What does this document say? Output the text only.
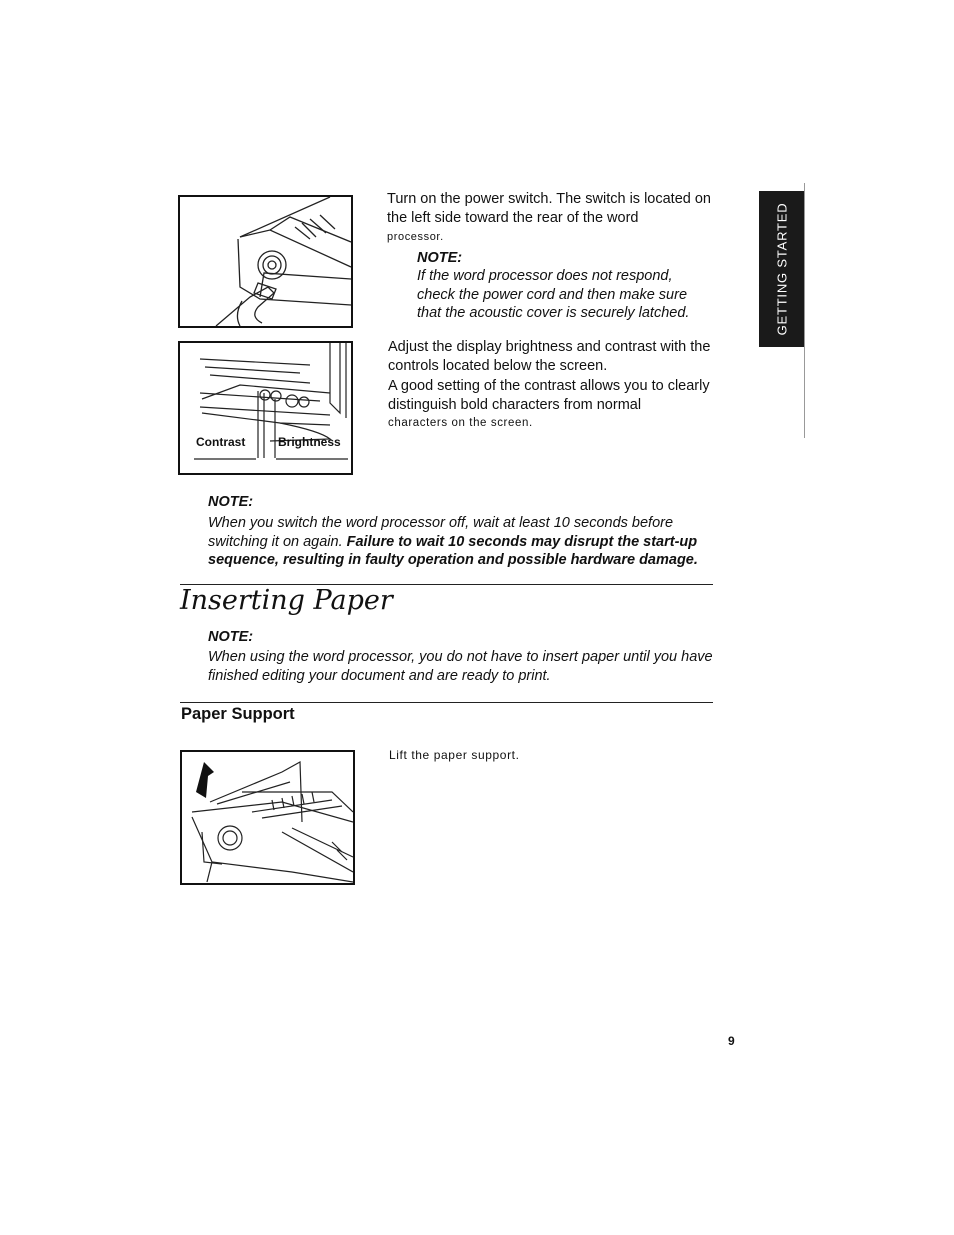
GETTING STARTED
Contrast	Brightness
Turn on the power switch. The switch is located on the left side toward the rear of the word
processor.
NOTE:
If the word processor does not respond, check the power cord and then make sure that the acoustic cover is securely latched.
Adjust the display brightness and contrast with the controls located below the screen.
A good setting of the contrast allows you to clearly distinguish bold characters from normal
characters on the screen.
NOTE:
When you switch the word processor off, wait at least 10 seconds before switching it on again. Failure to wait 10 seconds may disrupt the start-up sequence, resulting in faulty operation and possible hardware damage.
Inserting Paper
NOTE:
When using the word processor, you do not have to insert paper until you have finished editing your document and are ready to print.
Paper Support
Lift the paper support.
9
